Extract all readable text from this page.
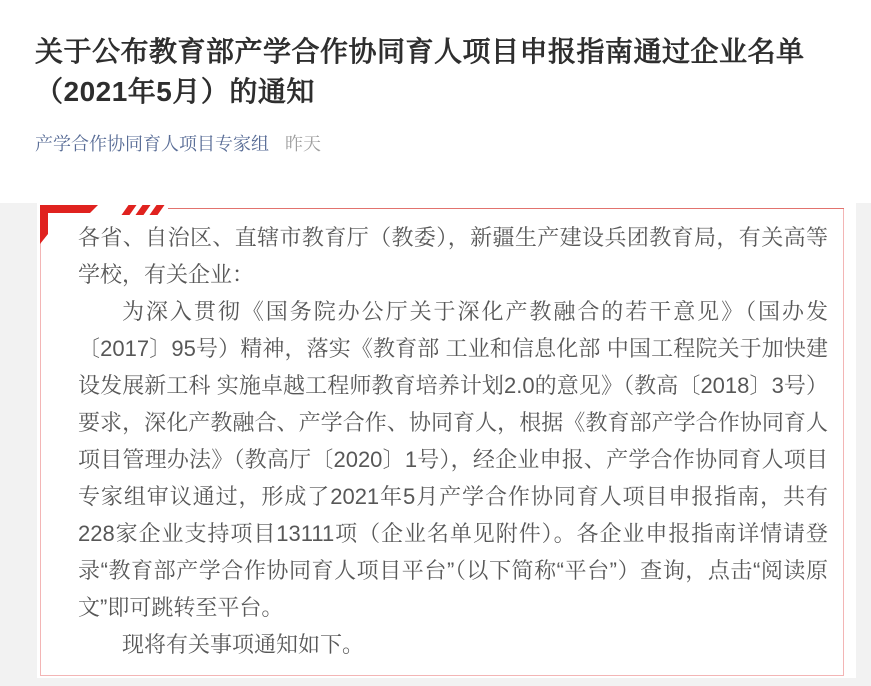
关于公布教育部产学合作协同育人项目申报指南通过企业名单（2021年5月）的通知
产学合作协同育人项目专家组 昨天

各省、自治区、直辖市教育厅（教委），新疆生产建设兵团教育局，有关高等学校，有关企业：

为深入贯彻《国务院办公厅关于深化产教融合的若干意见》（国办发〔2017〕95号）精神，落实《教育部 工业和信息化部 中国工程院关于加快建设发展新工科 实施卓越工程师教育培养计划2.0的意见》（教高〔2018〕3号）要求，深化产教融合、产学合作、协同育人，根据《教育部产学合作协同育人项目管理办法》（教高厅〔2020〕1号），经企业申报、产学合作协同育人项目专家组审议通过，形成了2021年5月产学合作协同育人项目申报指南，共有228家企业支持项目13111项（企业名单见附件）。各企业申报指南详情请登录“教育部产学合作协同育人项目平台”（以下简称“平台”）查询，点击“阅读原文”即可跳转至平台。

现将有关事项通知如下。
